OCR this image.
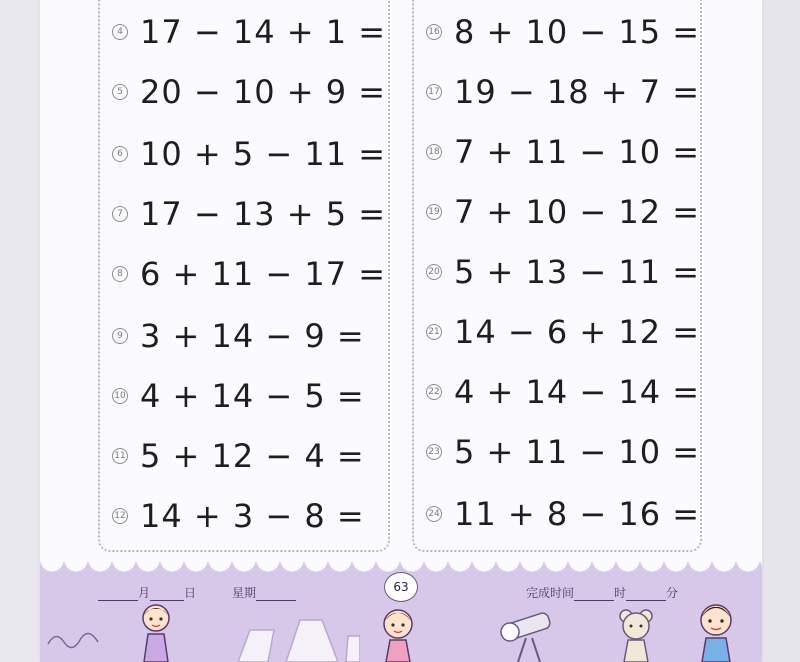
4 17 − 14 + 1 =
5 20 − 10 + 9 =
6 10 + 5 − 11 =
7 17 − 13 + 5 =
8 6 + 11 − 17 =
9 3 + 14 − 9 =
10 4 + 14 − 5 =
11 5 + 12 − 4 =
12 14 + 3 − 8 =
16 8 + 10 − 15 =
17 19 − 18 + 7 =
18 7 + 11 − 10 =
19 7 + 10 − 12 =
20 5 + 13 − 11 =
21 14 − 6 + 12 =
22 4 + 14 − 14 =
23 5 + 11 − 10 =
24 11 + 8 − 16 =
月	日	星期	63	完成时间	时	分
